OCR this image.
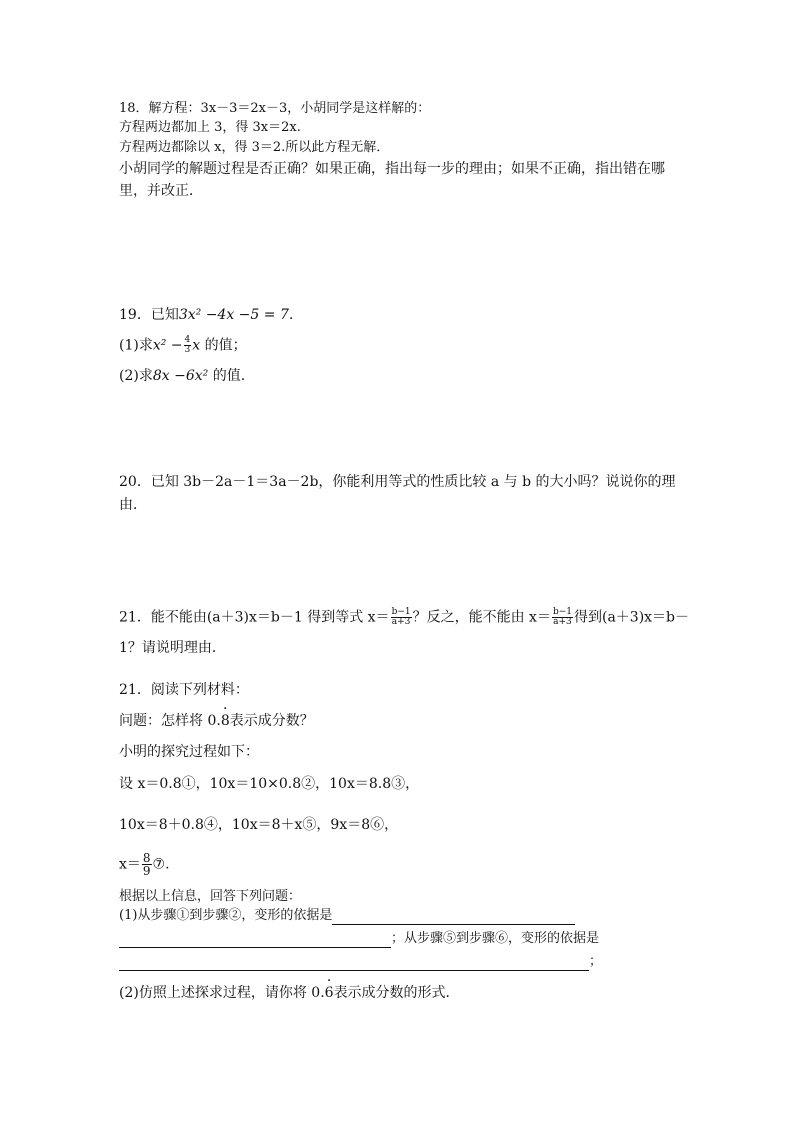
18．解方程：3x－3＝2x－3，小胡同学是这样解的：
方程两边都加上 3，得 3x＝2x.
方程两边都除以 x，得 3＝2.所以此方程无解．
小胡同学的解题过程是否正确？如果正确，指出每一步的理由；如果不正确，指出错在哪
里，并改正．
19．已知3x² −4x −5 = 7.
(1)求$x^2 - \frac{4}{3}$ x 的值；
(2)求8x −6x² 的值.
20．已知 3b－2a－1＝3a－2b，你能利用等式的性质比较 a 与 b 的大小吗？说说你的理
由．
21．能不能由(a＋3)x＝b－1 得到等式 $x= \frac{b-1}{a+3}$ ？反之，能不能由 $x= \frac{b-1}{a+3}$ 得到(a＋3)x＝b－
1？请说明理由．
21．阅读下列材料：
问题：怎样将 0.· 8表示成分数？
小明的探究过程如下：
设 x＝0.8①，10x＝10×0.8②，10x＝8.8③，
10x＝8＋0.8④，10x＝8＋x⑤，9x＝8⑥，
$x= \frac{8}{9}$ ⑦.
根据以上信息，回答下列问题：
(1)从步骤①到步骤②，变形的依据是
；从步骤⑤到步骤⑥，变形的依据是
；
(2)仿照上述探求过程，请你将 0.· 6表示成分数的形式．
